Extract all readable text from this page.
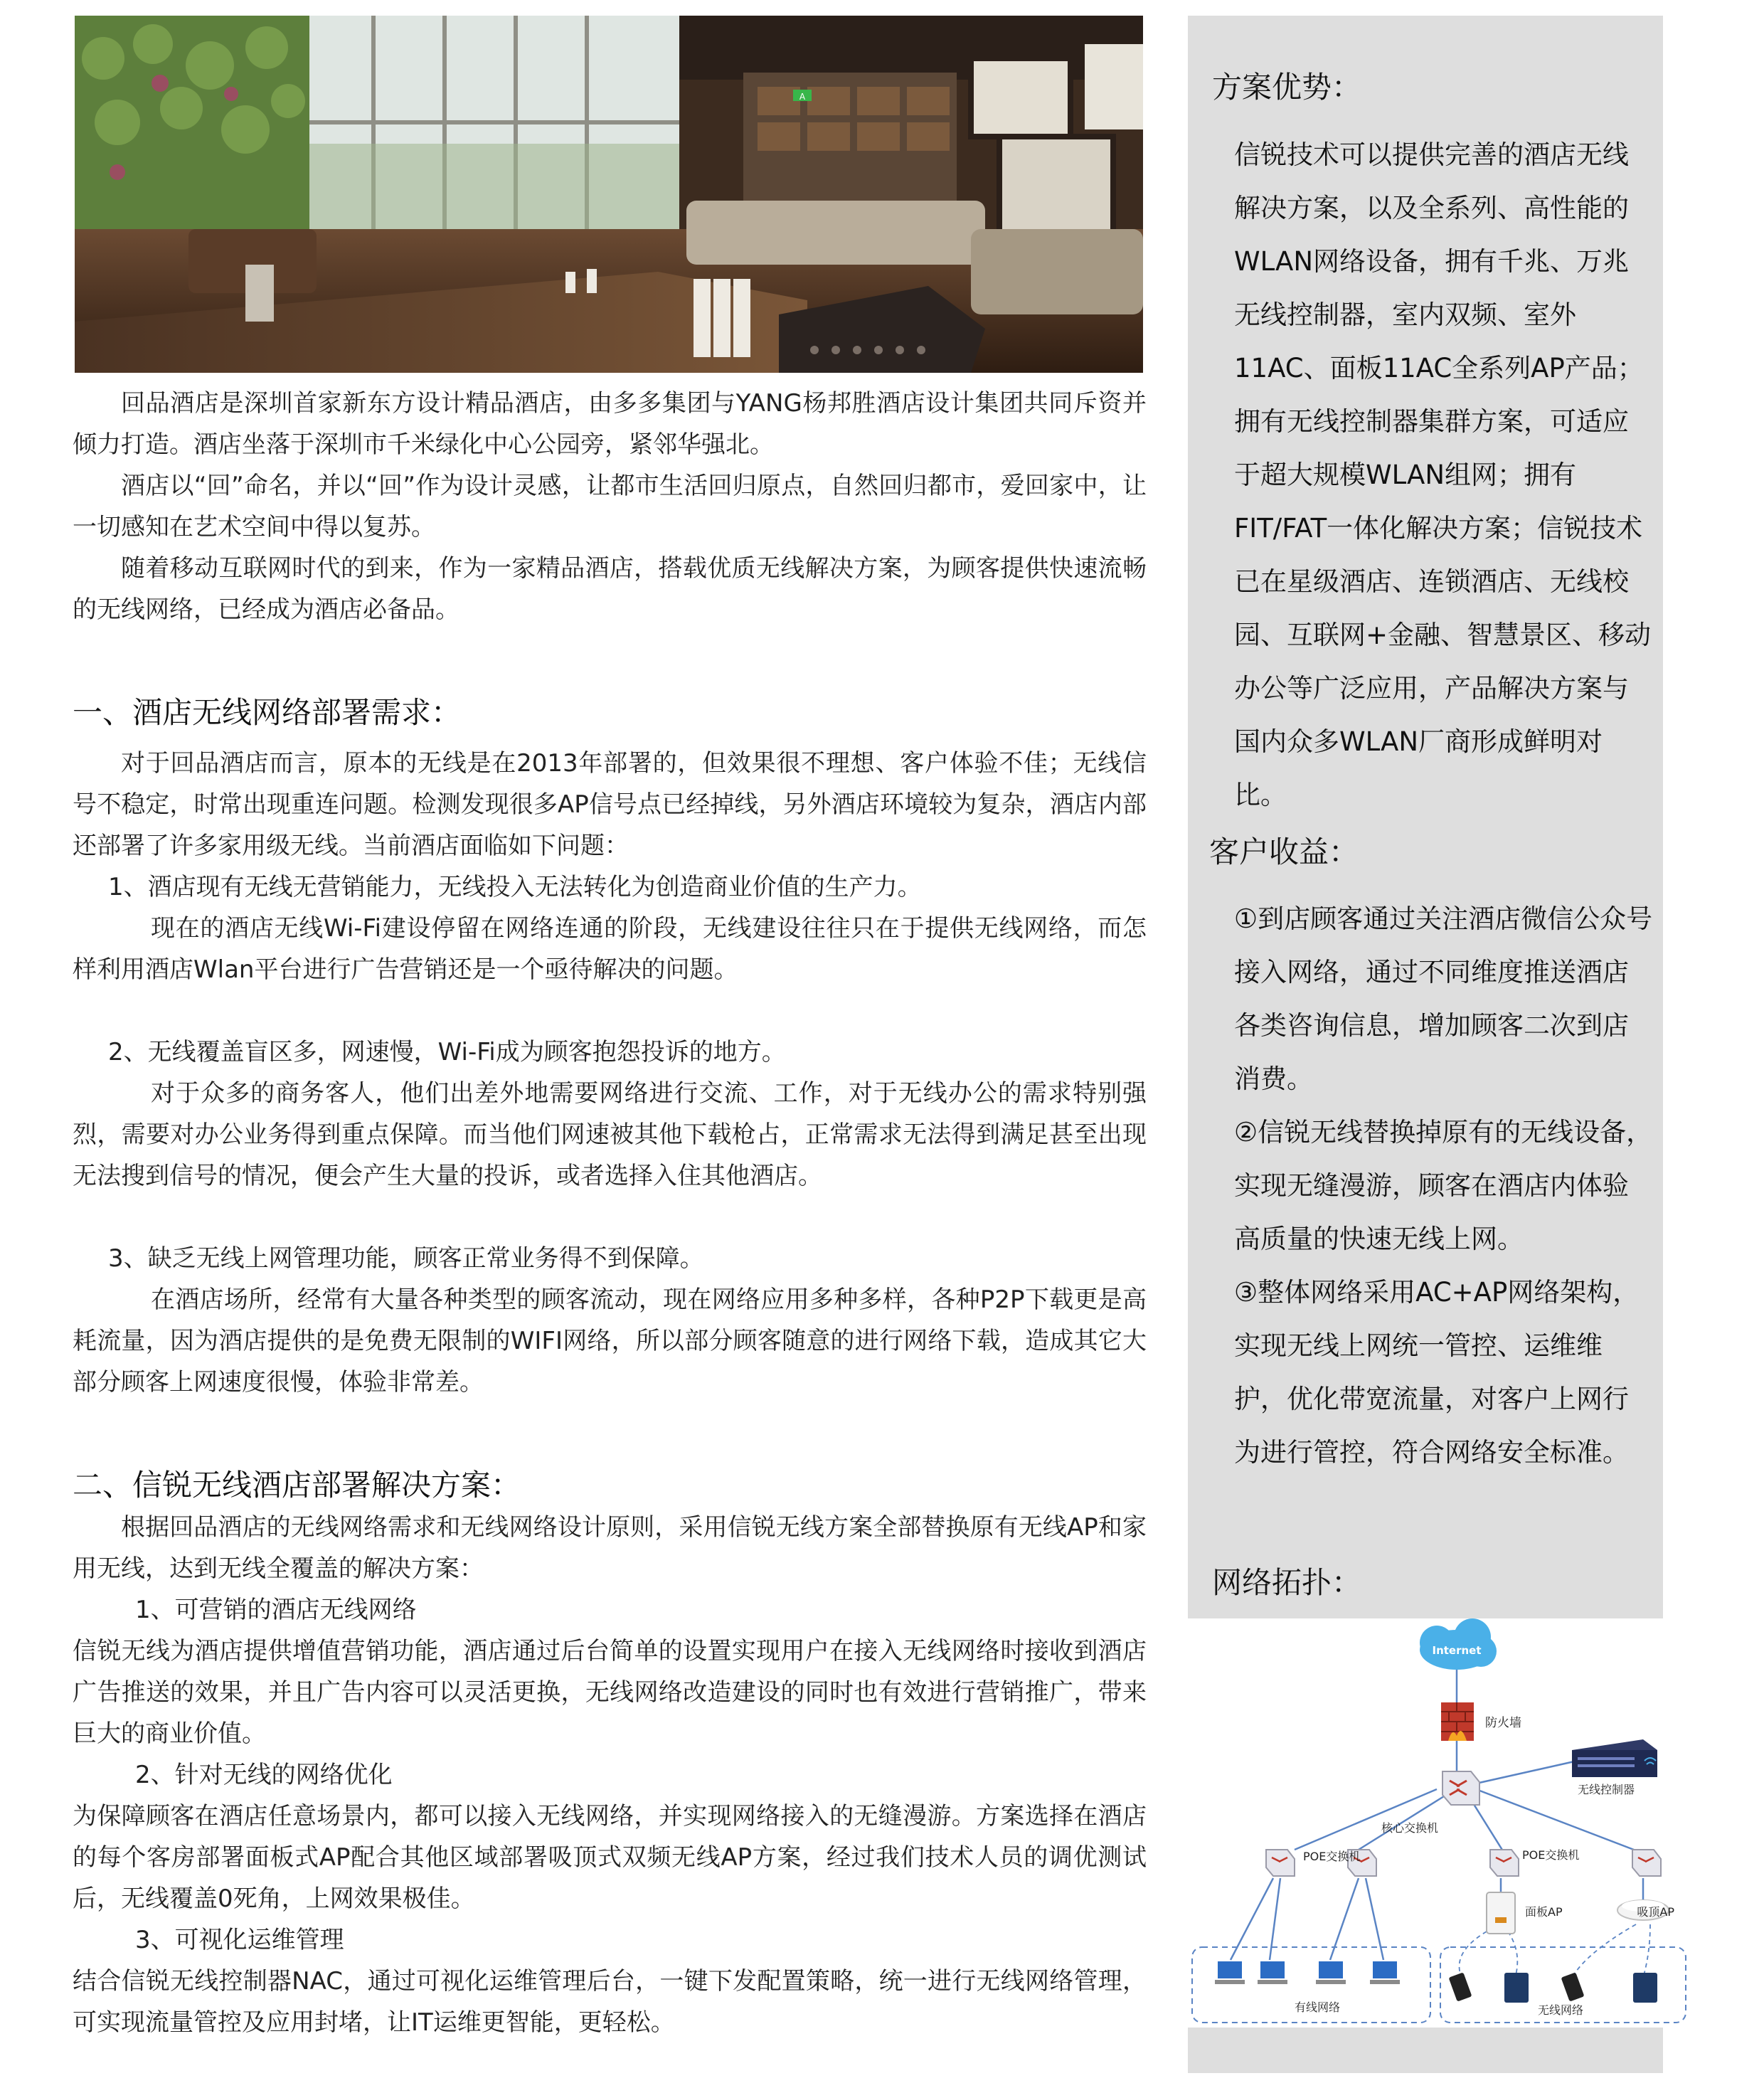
A

回品酒店是深圳首家新东方设计精品酒店，由多多集团与YANG杨邦胜酒店设计集团共同斥资并倾力打造。酒店坐落于深圳市千米绿化中心公园旁，紧邻华强北。

酒店以“回”命名，并以“回”作为设计灵感，让都市生活回归原点，自然回归都市，爱回家中，让一切感知在艺术空间中得以复苏。

随着移动互联网时代的到来，作为一家精品酒店，搭载优质无线解决方案，为顾客提供快速流畅的无线网络，已经成为酒店必备品。

一、酒店无线网络部署需求：

对于回品酒店而言，原本的无线是在2013年部署的，但效果很不理想、客户体验不佳；无线信号不稳定，时常出现重连问题。检测发现很多AP信号点已经掉线，另外酒店环境较为复杂，酒店内部还部署了许多家用级无线。当前酒店面临如下问题：

1、酒店现有无线无营销能力，无线投入无法转化为创造商业价值的生产力。

现在的酒店无线Wi-Fi建设停留在网络连通的阶段，无线建设往往只在于提供无线网络，而怎样利用酒店Wlan平台进行广告营销还是一个亟待解决的问题。

2、无线覆盖盲区多，网速慢，Wi-Fi成为顾客抱怨投诉的地方。

对于众多的商务客人，他们出差外地需要网络进行交流、工作，对于无线办公的需求特别强烈，需要对办公业务得到重点保障。而当他们网速被其他下载枪占，正常需求无法得到满足甚至出现无法搜到信号的情况，便会产生大量的投诉，或者选择入住其他酒店。

3、缺乏无线上网管理功能，顾客正常业务得不到保障。

在酒店场所，经常有大量各种类型的顾客流动，现在网络应用多种多样，各种P2P下载更是高耗流量，因为酒店提供的是免费无限制的WIFI网络，所以部分顾客随意的进行网络下载，造成其它大部分顾客上网速度很慢，体验非常差。

二、信锐无线酒店部署解决方案：

根据回品酒店的无线网络需求和无线网络设计原则，采用信锐无线方案全部替换原有无线AP和家用无线，达到无线全覆盖的解决方案：

1、可营销的酒店无线网络

信锐无线为酒店提供增值营销功能，酒店通过后台简单的设置实现用户在接入无线网络时接收到酒店广告推送的效果，并且广告内容可以灵活更换，无线网络改造建设的同时也有效进行营销推广，带来巨大的商业价值。

2、针对无线的网络优化

为保障顾客在酒店任意场景内，都可以接入无线网络，并实现网络接入的无缝漫游。方案选择在酒店的每个客房部署面板式AP配合其他区域部署吸顶式双频无线AP方案，经过我们技术人员的调优测试后，无线覆盖0死角，上网效果极佳。

3、可视化运维管理

结合信锐无线控制器NAC，通过可视化运维管理后台，一键下发配置策略，统一进行无线网络管理，可实现流量管控及应用封堵，让IT运维更智能，更轻松。

方案优势：

信锐技术可以提供完善的酒店无线解决方案，以及全系列、高性能的WLAN网络设备，拥有千兆、万兆无线控制器，室内双频、室外11AC、面板11AC全系列AP产品；拥有无线控制器集群方案，可适应于超大规模WLAN组网；拥有FIT/FAT一体化解决方案；信锐技术已在星级酒店、连锁酒店、无线校园、互联网+金融、智慧景区、移动办公等广泛应用，产品解决方案与国内众多WLAN厂商形成鲜明对比。

客户收益：

①到店顾客通过关注酒店微信公众号接入网络，通过不同维度推送酒店各类咨询信息，增加顾客二次到店消费。

②信锐无线替换掉原有的无线设备，实现无缝漫游，顾客在酒店内体验高质量的快速无线上网。

③整体网络采用AC+AP网络架构，实现无线上网统一管控、运维维护，优化带宽流量，对客户上网行为进行管控，符合网络安全标准。

网络拓扑：

Internet
防火墙
核心交换机
无线控制器
POE交换机	POE交换机
面板AP	吸顶AP
有线网络	无线网络
